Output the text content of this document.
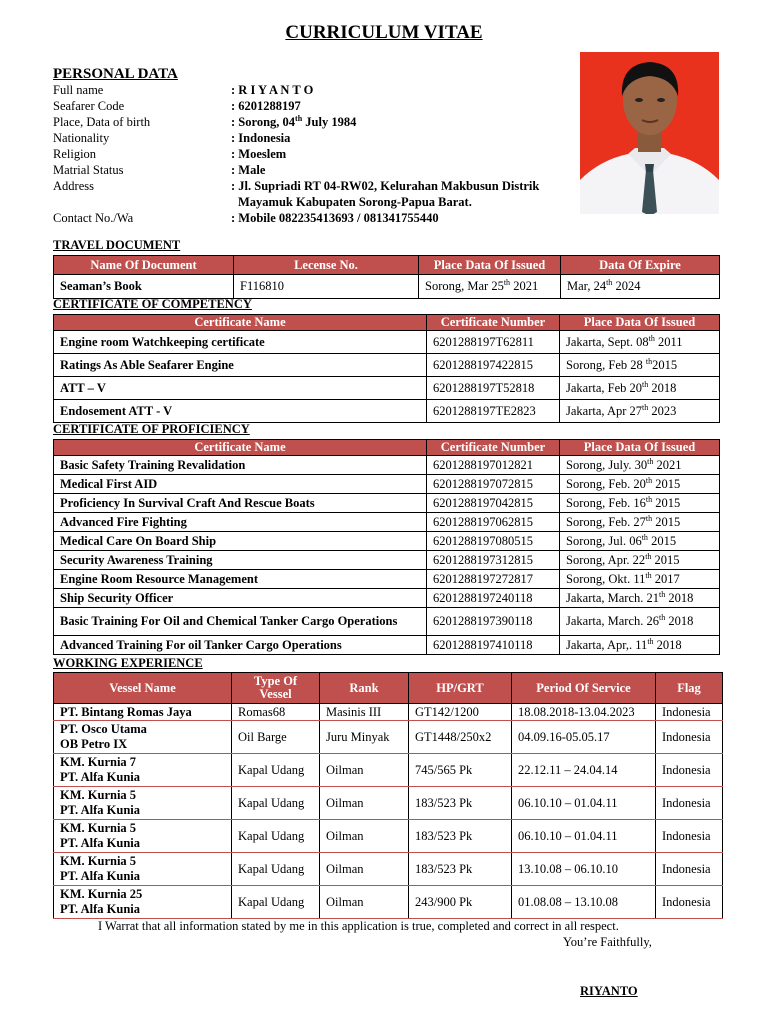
CURRICULUM VITAE
PERSONAL DATA
Full name	: R I Y A N T O
Seafarer Code	: 6201288197
Place, Data of birth	: Sorong, 04th July 1984
Nationality	: Indonesia
Religion	: Moeslem
Matrial Status	: Male
Address	: Jl. Supriadi RT 04-RW02, Kelurahan Makbusun Distrik
Mayamuk Kabupaten Sorong-Papua Barat.
Contact No./Wa	: Mobile 082235413693 / 081341755440
TRAVEL DOCUMENT
Name Of Document	Lecense No.	Place Data Of Issued	Data Of Expire
Seaman’s Book	F116810	Sorong, Mar 25th 2021	Mar, 24th 2024
CERTIFICATE OF COMPETENCY
Certificate Name	Certificate Number	Place Data Of Issued
Engine room Watchkeeping certificate	6201288197T62811	Jakarta, Sept. 08th 2011
Ratings As Able Seafarer Engine	6201288197422815	Sorong, Feb 28 $^{th}$2015
ATT – V	6201288197T52818	Jakarta, Feb 20th 2018
Endosement ATT - V	6201288197TE2823	Jakarta, Apr 27th 2023
CERTIFICATE OF PROFICIENCY
Certificate Name	Certificate Number	Place Data Of Issued
Basic Safety Training Revalidation	6201288197012821	Sorong, July. 30th 2021
Medical First AID	6201288197072815	Sorong, Feb. 20th 2015
Proficiency In Survival Craft And Rescue Boats	6201288197042815	Sorong, Feb. 16th 2015
Advanced Fire Fighting	6201288197062815	Sorong, Feb. 27th 2015
Medical Care On Board Ship	6201288197080515	Sorong, Jul. 06th 2015
Security Awareness Training	6201288197312815	Sorong, Apr. 22th 2015
Engine Room Resource Management	6201288197272817	Sorong, Okt. 11th 2017
Ship Security Officer	6201288197240118	Jakarta, March. 21th 2018
Basic Training For Oil and Chemical Tanker Cargo Operations	6201288197390118	Jakarta, March. 26th 2018
Advanced Training For oil Tanker Cargo Operations	6201288197410118	Jakarta, Apr,. 11th 2018
WORKING EXPERIENCE
Vessel Name	Type Of Vessel	Rank	HP/GRT	Period Of Service	Flag

PT. Bintang Romas Jaya	Romas68	Masinis III	GT142/1200	18.08.2018-13.04.2023	Indonesia

PT. Osco Utama
OB Petro IX	Oil Barge	Juru Minyak	GT1448/250x2	04.09.16-05.05.17	Indonesia

KM. Kurnia 7
PT. Alfa Kunia	Kapal Udang	Oilman	745/565 Pk	22.12.11 – 24.04.14	Indonesia

KM. Kurnia 5
PT. Alfa Kunia	Kapal Udang	Oilman	183/523 Pk	06.10.10 – 01.04.11	Indonesia

KM. Kurnia 5
PT. Alfa Kunia	Kapal Udang	Oilman	183/523 Pk	06.10.10 – 01.04.11	Indonesia

KM. Kurnia 5
PT. Alfa Kunia	Kapal Udang	Oilman	183/523 Pk	13.10.08 – 06.10.10	Indonesia

KM. Kurnia 25
PT. Alfa Kunia	Kapal Udang	Oilman	243/900 Pk	01.08.08 – 13.10.08	Indonesia
I Warrat that all information stated by me in this application is true, completed and correct in all respect.
You’re Faithfully,
RIYANTO
